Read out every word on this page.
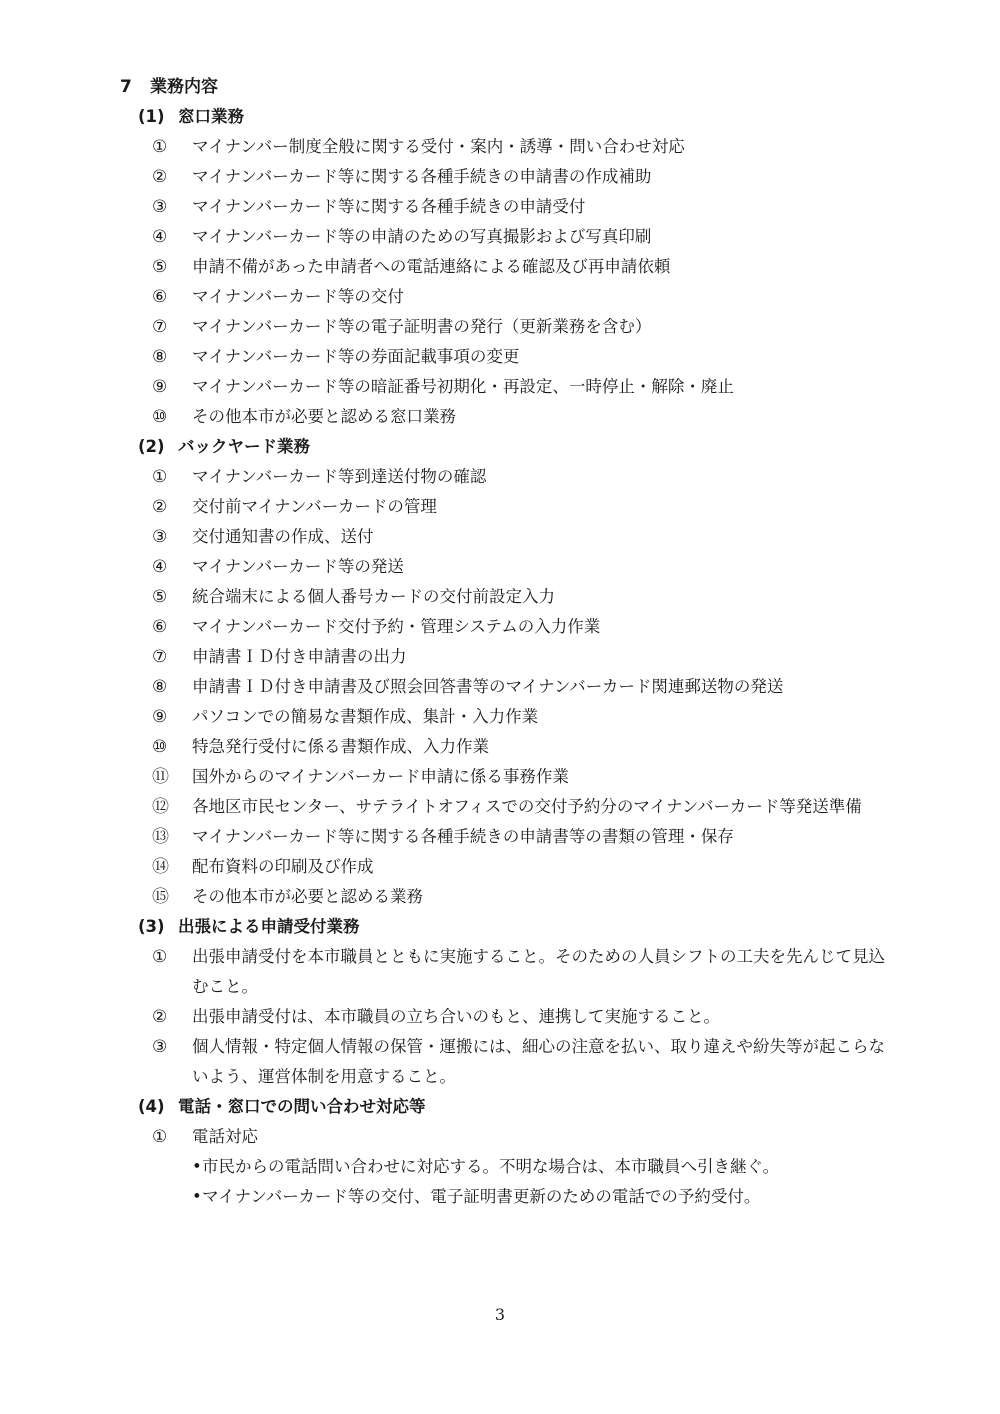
7 業務内容
(1) 窓口業務
①	マイナンバー制度全般に関する受付・案内・誘導・問い合わせ対応
②	マイナンバーカード等に関する各種手続きの申請書の作成補助
③	マイナンバーカード等に関する各種手続きの申請受付
④	マイナンバーカード等の申請のための写真撮影および写真印刷
⑤	申請不備があった申請者への電話連絡による確認及び再申請依頼
⑥	マイナンバーカード等の交付
⑦	マイナンバーカード等の電子証明書の発行（更新業務を含む）
⑧	マイナンバーカード等の券面記載事項の変更
⑨	マイナンバーカード等の暗証番号初期化・再設定、一時停止・解除・廃止
⑩	その他本市が必要と認める窓口業務
(2) バックヤード業務
①	マイナンバーカード等到達送付物の確認
②	交付前マイナンバーカードの管理
③	交付通知書の作成、送付
④	マイナンバーカード等の発送
⑤	統合端末による個人番号カードの交付前設定入力
⑥	マイナンバーカード交付予約・管理システムの入力作業
⑦	申請書ＩＤ付き申請書の出力
⑧	申請書ＩＤ付き申請書及び照会回答書等のマイナンバーカード関連郵送物の発送
⑨	パソコンでの簡易な書類作成、集計・入力作業
⑩	特急発行受付に係る書類作成、入力作業
⑪	国外からのマイナンバーカード申請に係る事務作業
⑫	各地区市民センター、サテライトオフィスでの交付予約分のマイナンバーカード等発送準備
⑬	マイナンバーカード等に関する各種手続きの申請書等の書類の管理・保存
⑭	配布資料の印刷及び作成
⑮	その他本市が必要と認める業務
(3) 出張による申請受付業務
①	出張申請受付を本市職員とともに実施すること。そのための人員シフトの工夫を先んじて見込むこと。
②	出張申請受付は、本市職員の立ち合いのもと、連携して実施すること。
③	個人情報・特定個人情報の保管・運搬には、細心の注意を払い、取り違えや紛失等が起こらないよう、運営体制を用意すること。
(4) 電話・窓口での問い合わせ対応等
①	電話対応
• 市民からの電話問い合わせに対応する。不明な場合は、本市職員へ引き継ぐ。
• マイナンバーカード等の交付、電子証明書更新のための電話での予約受付。
3
